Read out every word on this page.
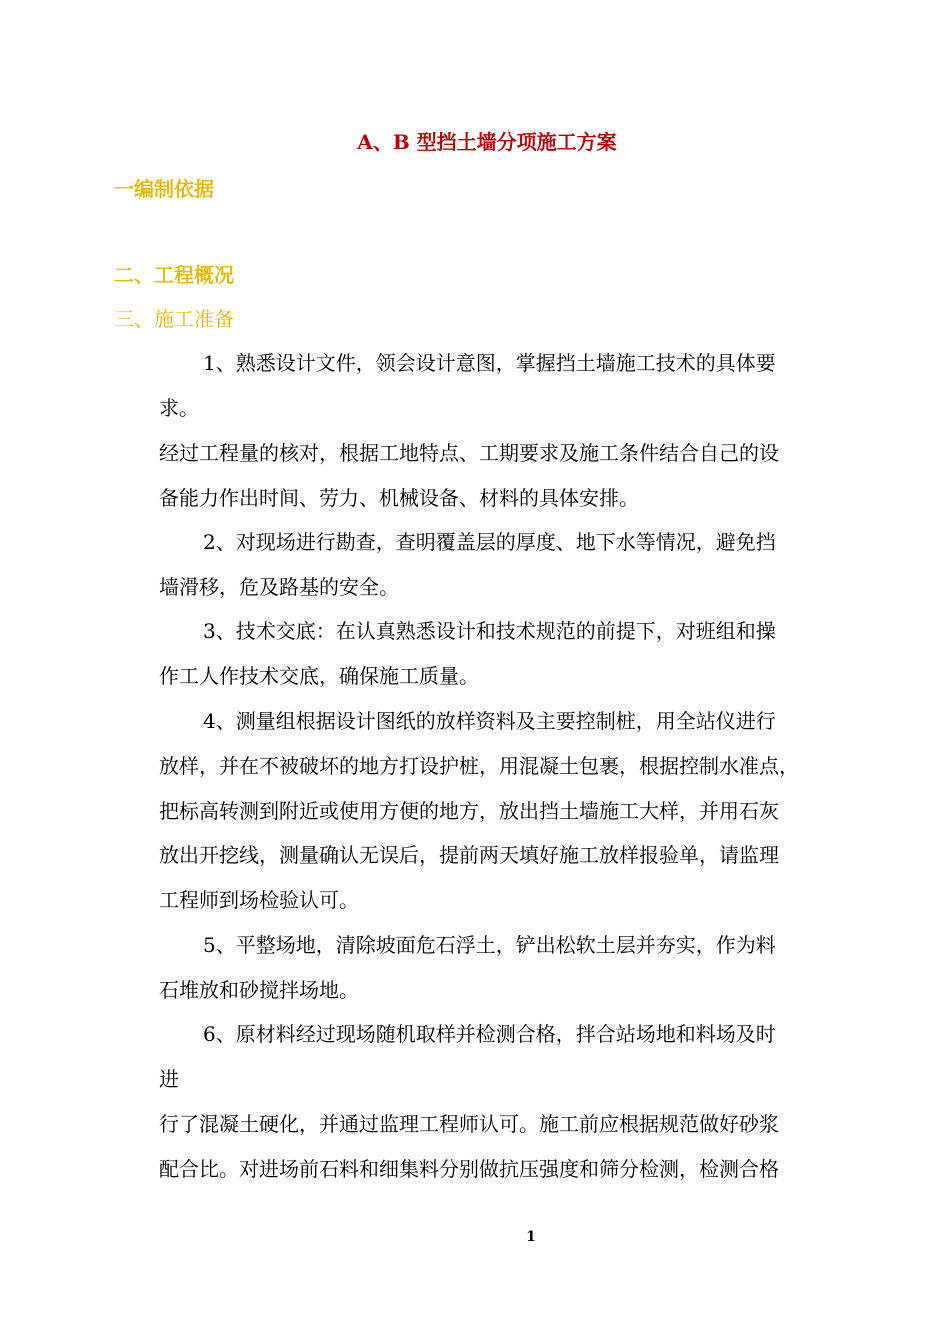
A、B 型挡土墙分项施工方案
一编制依据
二、工程概况
三、施工准备
1、熟悉设计文件，领会设计意图，掌握挡土墙施工技术的具体要
求。
经过工程量的核对，根据工地特点、工期要求及施工条件结合自己的设
备能力作出时间、劳力、机械设备、材料的具体安排。
2、对现场进行勘查，查明覆盖层的厚度、地下水等情况，避免挡
墙滑移，危及路基的安全。
3、技术交底：在认真熟悉设计和技术规范的前提下，对班组和操
作工人作技术交底，确保施工质量。
4、测量组根据设计图纸的放样资料及主要控制桩，用全站仪进行
放样，并在不被破坏的地方打设护桩，用混凝土包裹，根据控制水准点，
把标高转测到附近或使用方便的地方，放出挡土墙施工大样，并用石灰
放出开挖线，测量确认无误后，提前两天填好施工放样报验单，请监理
工程师到场检验认可。
5、平整场地，清除坡面危石浮土，铲出松软土层并夯实，作为料
石堆放和砂搅拌场地。
6、原材料经过现场随机取样并检测合格，拌合站场地和料场及时
进
行了混凝土硬化，并通过监理工程师认可。施工前应根据规范做好砂浆
配合比。对进场前石料和细集料分别做抗压强度和筛分检测，检测合格
1
